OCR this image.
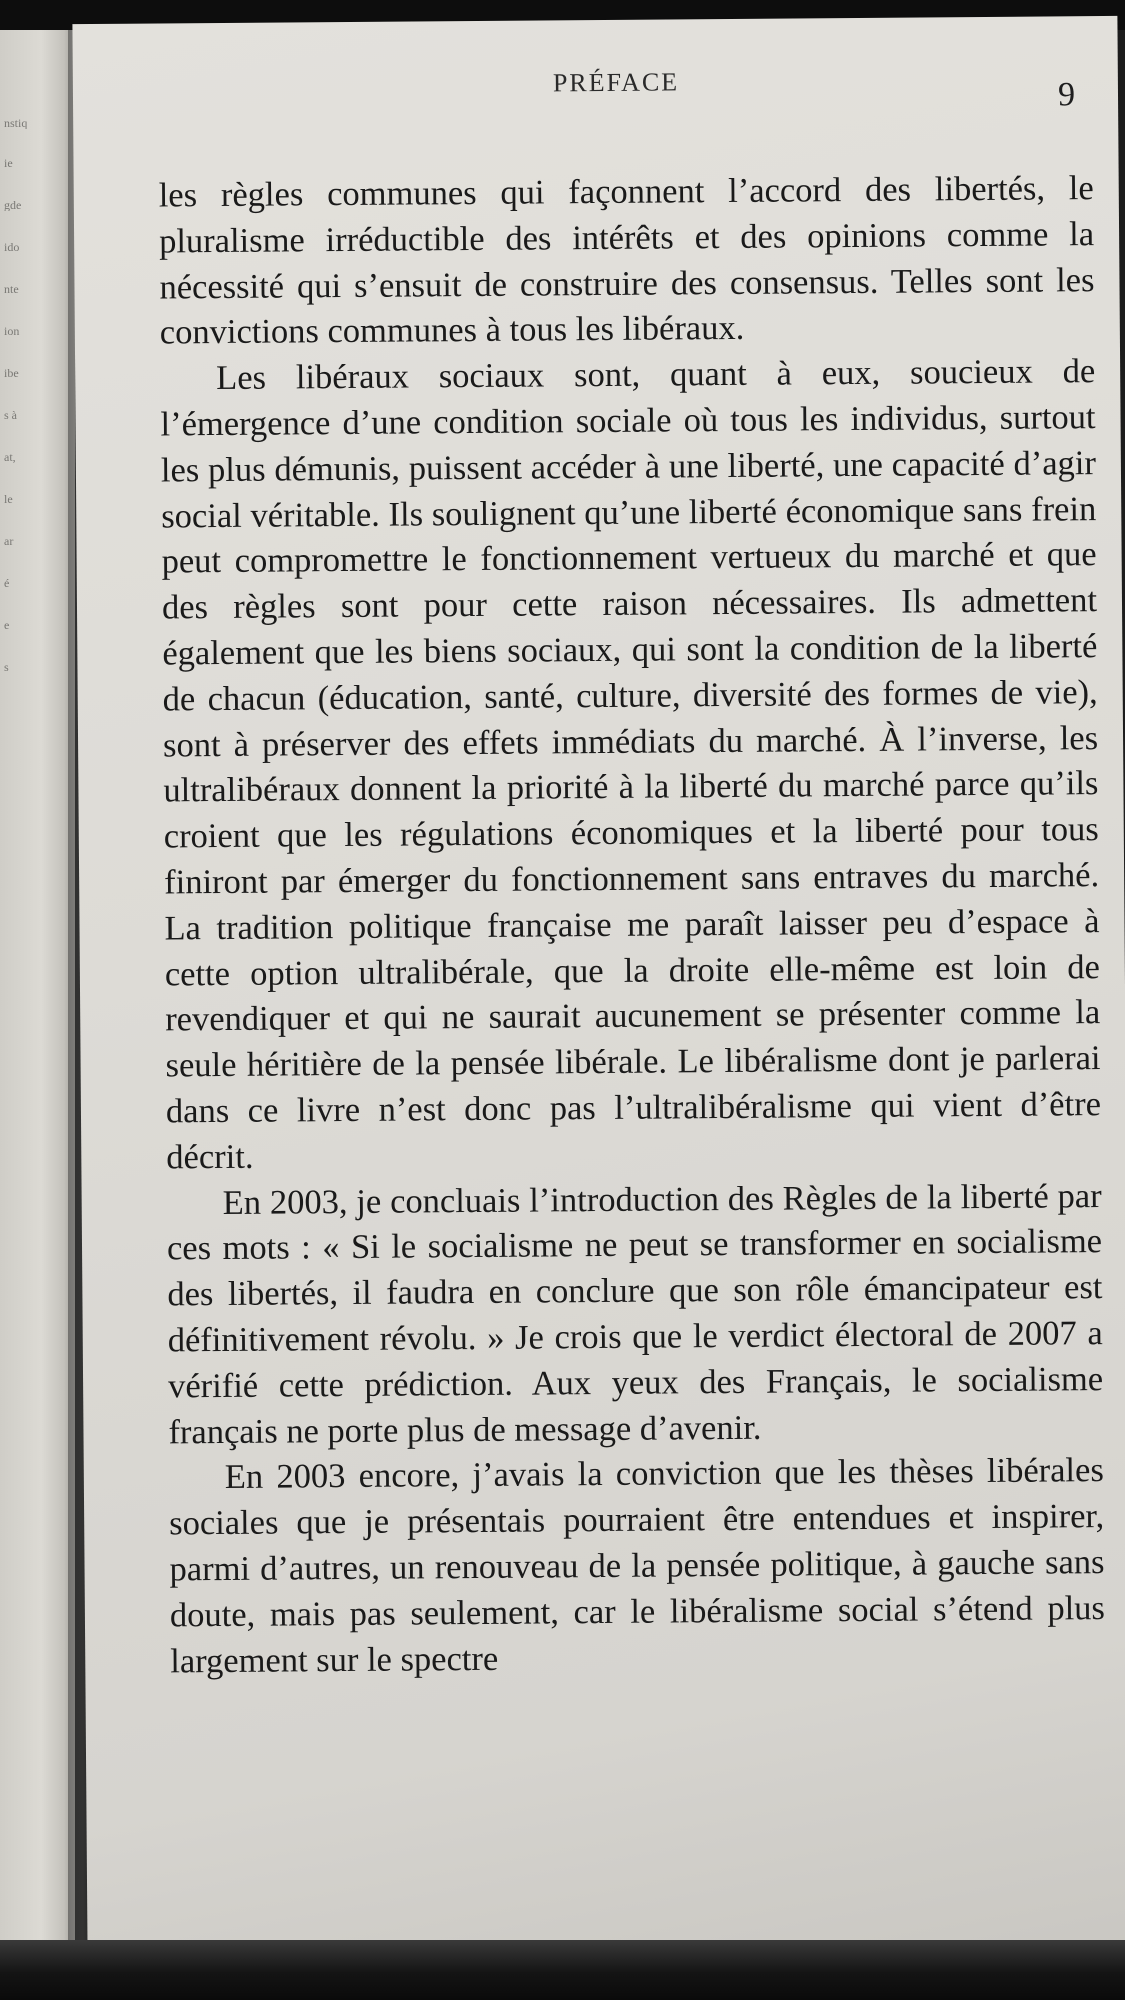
nstiq
ie
gde
ido
nte
ion
ibe
s à
at,
le
ar
é
e
s
PRÉFACE	9

les règles communes qui façonnent l’accord des libertés, le pluralisme irréductible des intérêts et des opinions comme la nécessité qui s’ensuit de construire des consensus. Telles sont les convictions communes à tous les libéraux.

Les libéraux sociaux sont, quant à eux, soucieux de l’émergence d’une condition sociale où tous les individus, surtout les plus démunis, puissent accéder à une liberté, une capacité d’agir social véritable. Ils soulignent qu’une liberté économique sans frein peut compromettre le fonctionnement vertueux du marché et que des règles sont pour cette raison nécessaires. Ils admettent également que les biens sociaux, qui sont la condition de la liberté de chacun (éducation, santé, culture, diversité des formes de vie), sont à préserver des effets immédiats du marché. À l’inverse, les ultralibéraux donnent la priorité à la liberté du marché parce qu’ils croient que les régulations économiques et la liberté pour tous finiront par émerger du fonctionnement sans entraves du marché. La tradition politique française me paraît laisser peu d’espace à cette option ultralibérale, que la droite elle-même est loin de revendiquer et qui ne saurait aucunement se présenter comme la seule héritière de la pensée libérale. Le libéralisme dont je parlerai dans ce livre n’est donc pas l’ultralibéralisme qui vient d’être décrit.

En 2003, je concluais l’introduction des Règles de la liberté par ces mots : « Si le socialisme ne peut se transformer en socialisme des libertés, il faudra en conclure que son rôle émancipateur est définitivement révolu. » Je crois que le verdict électoral de 2007 a vérifié cette prédiction. Aux yeux des Français, le socialisme français ne porte plus de message d’avenir.

En 2003 encore, j’avais la conviction que les thèses libérales sociales que je présentais pourraient être entendues et inspirer, parmi d’autres, un renouveau de la pensée politique, à gauche sans doute, mais pas seulement, car le libéralisme social s’étend plus largement sur le spectre
